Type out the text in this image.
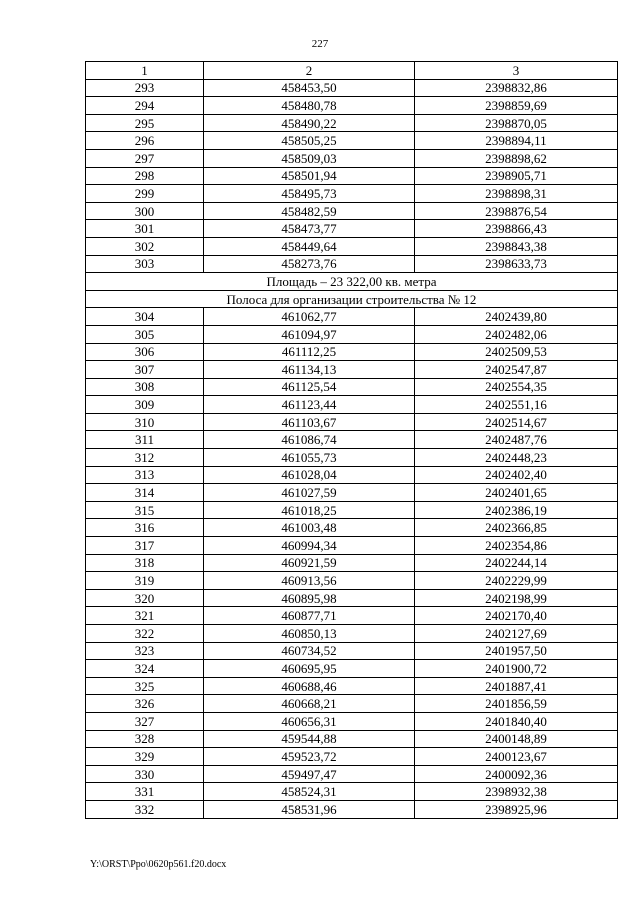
227
1	2	3
293	458453,50	2398832,86
294	458480,78	2398859,69
295	458490,22	2398870,05
296	458505,25	2398894,11
297	458509,03	2398898,62
298	458501,94	2398905,71
299	458495,73	2398898,31
300	458482,59	2398876,54
301	458473,77	2398866,43
302	458449,64	2398843,38
303	458273,76	2398633,73
Площадь – 23 322,00 кв. метра		
Полоса для организации строительства № 12		
304	461062,77	2402439,80
305	461094,97	2402482,06
306	461112,25	2402509,53
307	461134,13	2402547,87
308	461125,54	2402554,35
309	461123,44	2402551,16
310	461103,67	2402514,67
311	461086,74	2402487,76
312	461055,73	2402448,23
313	461028,04	2402402,40
314	461027,59	2402401,65
315	461018,25	2402386,19
316	461003,48	2402366,85
317	460994,34	2402354,86
318	460921,59	2402244,14
319	460913,56	2402229,99
320	460895,98	2402198,99
321	460877,71	2402170,40
322	460850,13	2402127,69
323	460734,52	2401957,50
324	460695,95	2401900,72
325	460688,46	2401887,41
326	460668,21	2401856,59
327	460656,31	2401840,40
328	459544,88	2400148,89
329	459523,72	2400123,67
330	459497,47	2400092,36
331	458524,31	2398932,38
332	458531,96	2398925,96
Y:\ORST\Ppo\0620p561.f20.docx
